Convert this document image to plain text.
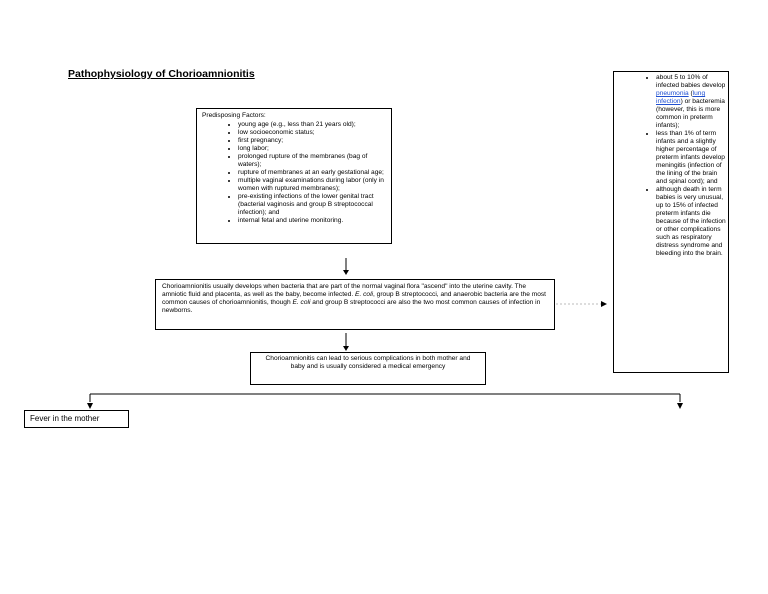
Pathophysiology of Chorioamnionitis
Predisposing Factors:
• young age (e.g., less than 21 years old);
• low socioeconomic status;
• first pregnancy;
• long labor;
• prolonged rupture of the membranes (bag of waters);
• rupture of membranes at an early gestational age;
• multiple vaginal examinations during labor (only in women with ruptured membranes);
• pre-existing infections of the lower genital tract (bacterial vaginosis and group B streptococcal infection); and
• internal fetal and uterine monitoring.
Chorioamnionitis usually develops when bacteria that are part of the normal vaginal flora "ascend" into the uterine cavity. The amniotic fluid and placenta, as well as the baby, become infected. E. coli, group B streptococci, and anaerobic bacteria are the most common causes of chorioamnionitis, though E. coli and group B streptococci are also the two most common causes of infection in newborns.
Chorioamnionitis can lead to serious complications in both mother and baby and is usually considered a medical emergency
• about 5 to 10% of infected babies develop pneumonia (lung infection) or bacteremia (however, this is more common in preterm infants);
• less than 1% of term infants and a slightly higher percentage of preterm infants develop meningitis (infection of the lining of the brain and spinal cord); and
• although death in term babies is very unusual, up to 15% of infected preterm infants die because of the infection or other complications such as respiratory distress syndrome and bleeding into the brain.
Fever in the mother
